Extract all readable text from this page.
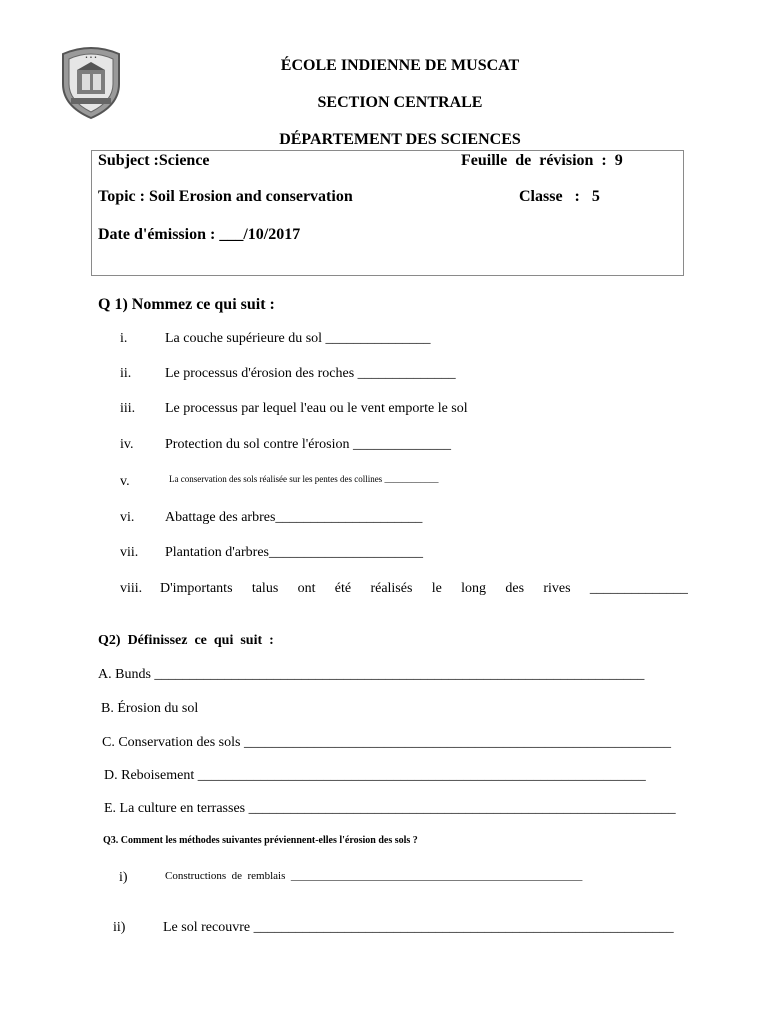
• • •	ÉCOLE INDIENNE DE MUSCAT
SECTION CENTRALE
DÉPARTEMENT DES SCIENCES
Subject :Science	Feuille  de  révision  :  9
Topic : Soil Erosion and conservation	Classe   :   5
Date d'émission : ___/10/2017
Q 1) Nommez ce qui suit :
i.	La couche supérieure du sol _______________
ii. Le processus d'érosion des roches ______________
iii. Le processus par lequel l'eau ou le vent emporte le sol
iv. Protection du sol contre l'érosion ______________
v.	La conservation des sols réalisée sur les pentes des collines ____________
vi. Abattage des arbres_____________________
vii. Plantation d'arbres______________________
viii. D'importants talus ont été réalisés le long des rives ______________
Q2) Définissez ce qui suit :
A. Bunds ______________________________________________________________________
B. Érosion du sol
C. Conservation des sols _____________________________________________________________
D. Reboisement ________________________________________________________________
E. La culture en terrasses _____________________________________________________________
Q3. Comment les méthodes suivantes préviennent-elles l'érosion des sols ?
i)	Constructions  de  remblais  _____________________________________________________
ii)	Le sol recouvre ____________________________________________________________
